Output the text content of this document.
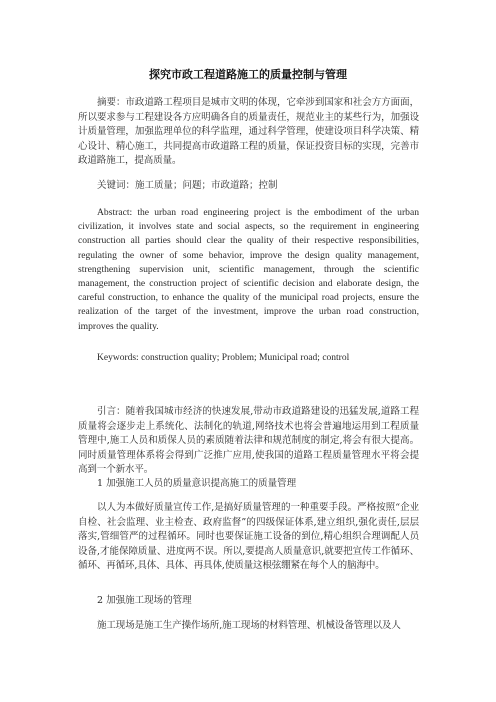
探究市政工程道路施工的质量控制与管理
摘要：市政道路工程项目是城市文明的体现，它牵涉到国家和社会方方面面，所以要求参与工程建设各方应明确各自的质量责任，规范业主的某些行为，加强设计质量管理，加强监理单位的科学监理，通过科学管理，使建设项目科学决策、精心设计、精心施工，共同提高市政道路工程的质量，保证投资目标的实现，完善市政道路施工，提高质量。
关键词：施工质量；问题；市政道路；控制
Abstract: the urban road engineering project is the embodiment of the urban civilization, it involves state and social aspects, so the requirement in engineering construction all parties should clear the quality of their respective responsibilities, regulating the owner of some behavior, improve the design quality management, strengthening supervision unit, scientific management, through the scientific management, the construction project of scientific decision and elaborate design, the careful construction, to enhance the quality of the municipal road projects, ensure the realization of the target of the investment, improve the urban road construction, improves the quality.
Keywords: construction quality; Problem; Municipal road; control
引言：随着我国城市经济的快速发展,带动市政道路建设的迅猛发展,道路工程质量将会逐步走上系统化、法制化的轨道,网络技术也将会普遍地运用到工程质量管理中,施工人员和质保人员的素质随着法律和规范制度的制定,将会有很大提高。同时质量管理体系将会得到广泛推广应用,使我国的道路工程质量管理水平将会提高到一个新水平。
1 加强施工人员的质量意识提高施工的质量管理
以人为本做好质量宣传工作,是搞好质量管理的一种重要手段。严格按照“企业自检、社会监理、业主检查、政府监督”的四级保证体系,建立组织,强化责任,层层落实,管细管严的过程循环。同时也要保证施工设备的到位,精心组织合理调配人员设备,才能保障质量、进度两不误。所以,要提高人质量意识,就要把宣传工作循环、循环、再循环,具体、具体、再具体,使质量这根弦绷紧在每个人的脑海中。
2 加强施工现场的管理
施工现场是施工生产操作场所,施工现场的材料管理、机械设备管理以及人
